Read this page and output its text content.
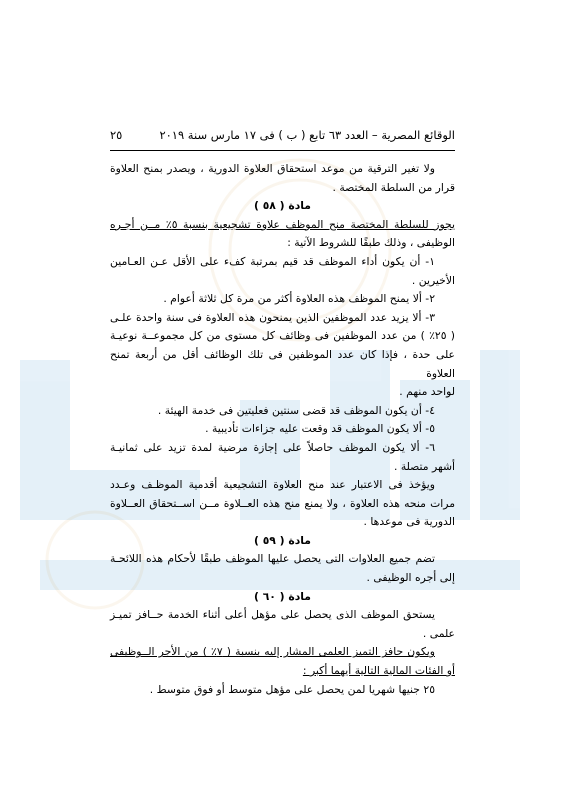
الوقائع المصرية – العدد ٦٣ تابع ( ب ) فى ١٧ مارس سنة ٢٠١٩
٢٥

ولا تغير الترقية من موعد استحقاق العلاوة الدورية ، ويصدر بمنح العلاوة

قرار من السلطة المختصة .

مادة ( ٥٨ )

يجوز للسلطة المختصة منح الموظف علاوة تشجيعية بنسبة ٥٪ مــن أجـره

الوظيفى ، وذلك طبقًا للشروط الآتية :

١- أن يكون أداء الموظف قد قيم بمرتبة كفء على الأقل عـن العـامين

الأخيرين .

٢- ألا يمنح الموظف هذه العلاوة أكثر من مرة كل ثلاثة أعوام .

٣- ألا يزيد عدد الموظفين الذين يمنحون هذه العلاوة فى سنة واحدة علـى

( ٢٥٪ ) من عدد الموظفين فى وظائف كل مستوى من كل مجموعــة نوعيـة

على حدة ، فإذا كان عدد الموظفين فى تلك الوظائف أقل من أربعة تمنح العلاوة

لواحد منهم .

٤- أن يكون الموظف قد قضى سنتين فعليتين فى خدمة الهيئة .

٥- ألا يكون الموظف قد وقعت عليه جزاءات تأديبية .

٦- ألا يكون الموظف حاصلاً على إجازة مرضية لمدة تزيد على ثمانيـة

أشهر متصلة .

ويؤخذ فى الاعتبار عند منح العلاوة التشجيعية أقدمية الموظـف وعـدد

مرات منحه هذه العلاوة ، ولا يمنع منح هذه العــلاوة مــن اســتحقاق العــلاوة

الدورية فى موعدها .

مادة ( ٥٩ )

تضم جميع العلاوات التى يحصل عليها الموظف طبقًا لأحكام هذه اللائحـة

إلى أجره الوظيفى .

مادة ( ٦٠ )

يستحق الموظف الذى يحصل على مؤهل أعلى أثناء الخدمة حــافز تميـز

علمى .

ويكون حافز التميز العلمى المشار إليه بنسبة ( ٧٪ ) من الأجر الــوظيفى

أو الفئات المالية التالية أيهما أكبر :

٢٥ جنيها شهريا لمن يحصل على مؤهل متوسط أو فوق متوسط .
